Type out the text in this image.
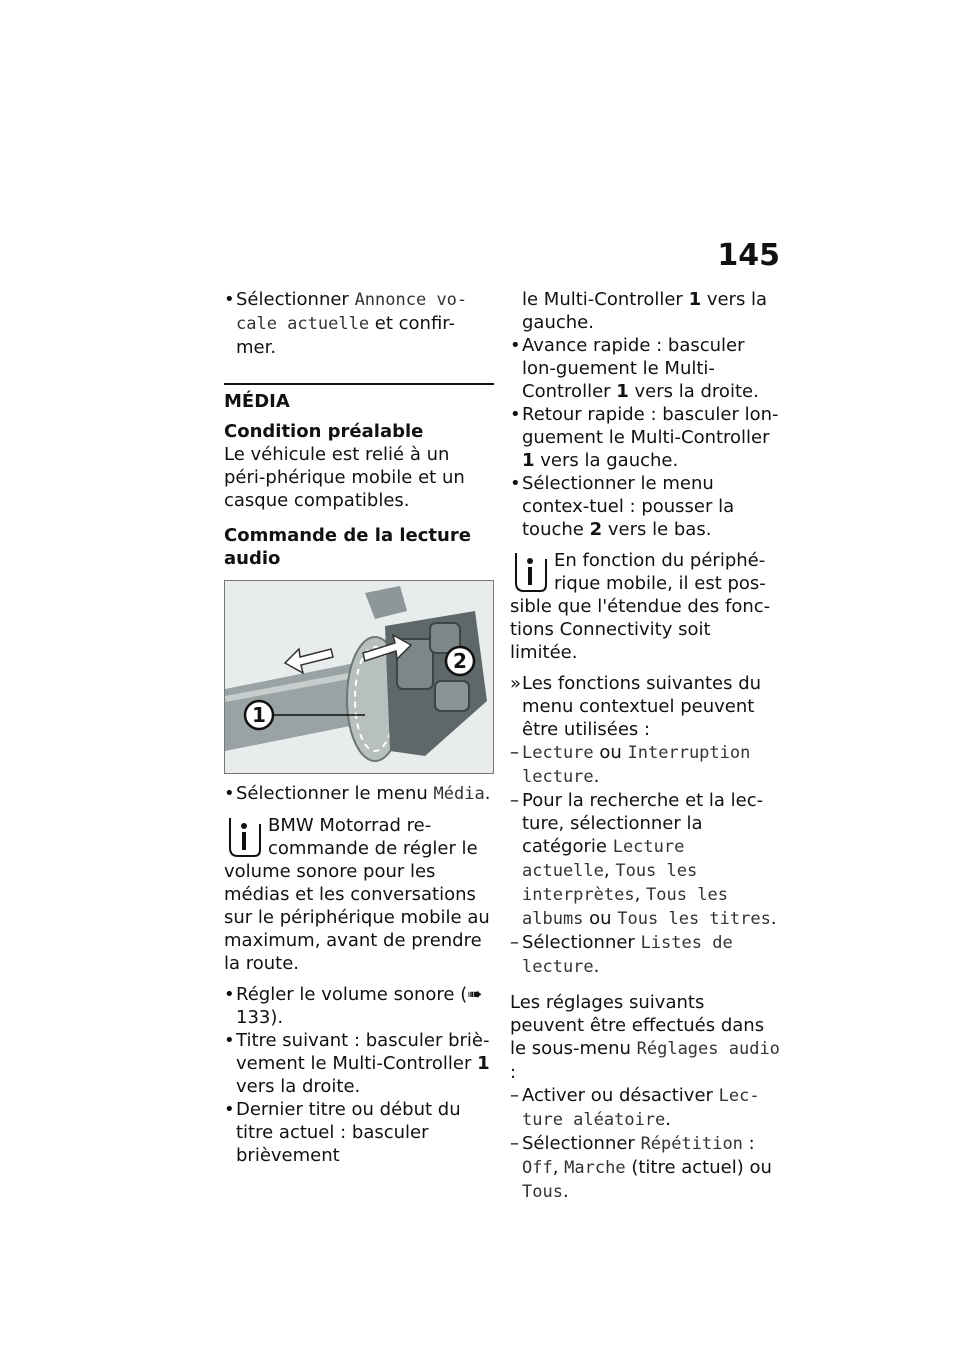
145
• Sélectionner Annonce vo-cale actuelle et confir-mer.
MÉDIA
Condition préalable

Le véhicule est relié à un péri-phérique mobile et un casque compatibles.

Commande de la lecture audio
2
1
• Sélectionner le menu Média.
BMW Motorrad re-commande de régler le volume sonore pour les médias et les conversations sur le périphérique mobile au maximum, avant de prendre la route.
• Régler le volume sonore (➠ 133).
• Titre suivant : basculer briè-vement le Multi-Controller 1 vers la droite.
• Dernier titre ou début du titre actuel : basculer brièvement
le Multi-Controller 1 vers la gauche.
• Avance rapide : basculer lon-guement le Multi-Controller 1 vers la droite.
• Retour rapide : basculer lon-guement le Multi-Controller 1 vers la gauche.
• Sélectionner le menu contex-tuel : pousser la touche 2 vers le bas.
En fonction du périphé-rique mobile, il est pos-sible que l'étendue des fonc-tions Connectivity soit limitée.
» Les fonctions suivantes du menu contextuel peuvent être utilisées :
– Lecture ou Interruption lecture.
– Pour la recherche et la lec-ture, sélectionner la catégorie Lecture actuelle, Tous les interprètes, Tous les albums ou Tous les titres.
– Sélectionner Listes de lecture.

Les réglages suivants peuvent être effectués dans le sous-menu Réglages audio :

– Activer ou désactiver Lec-ture aléatoire.
– Sélectionner Répétition : Off, Marche (titre actuel) ou Tous.
